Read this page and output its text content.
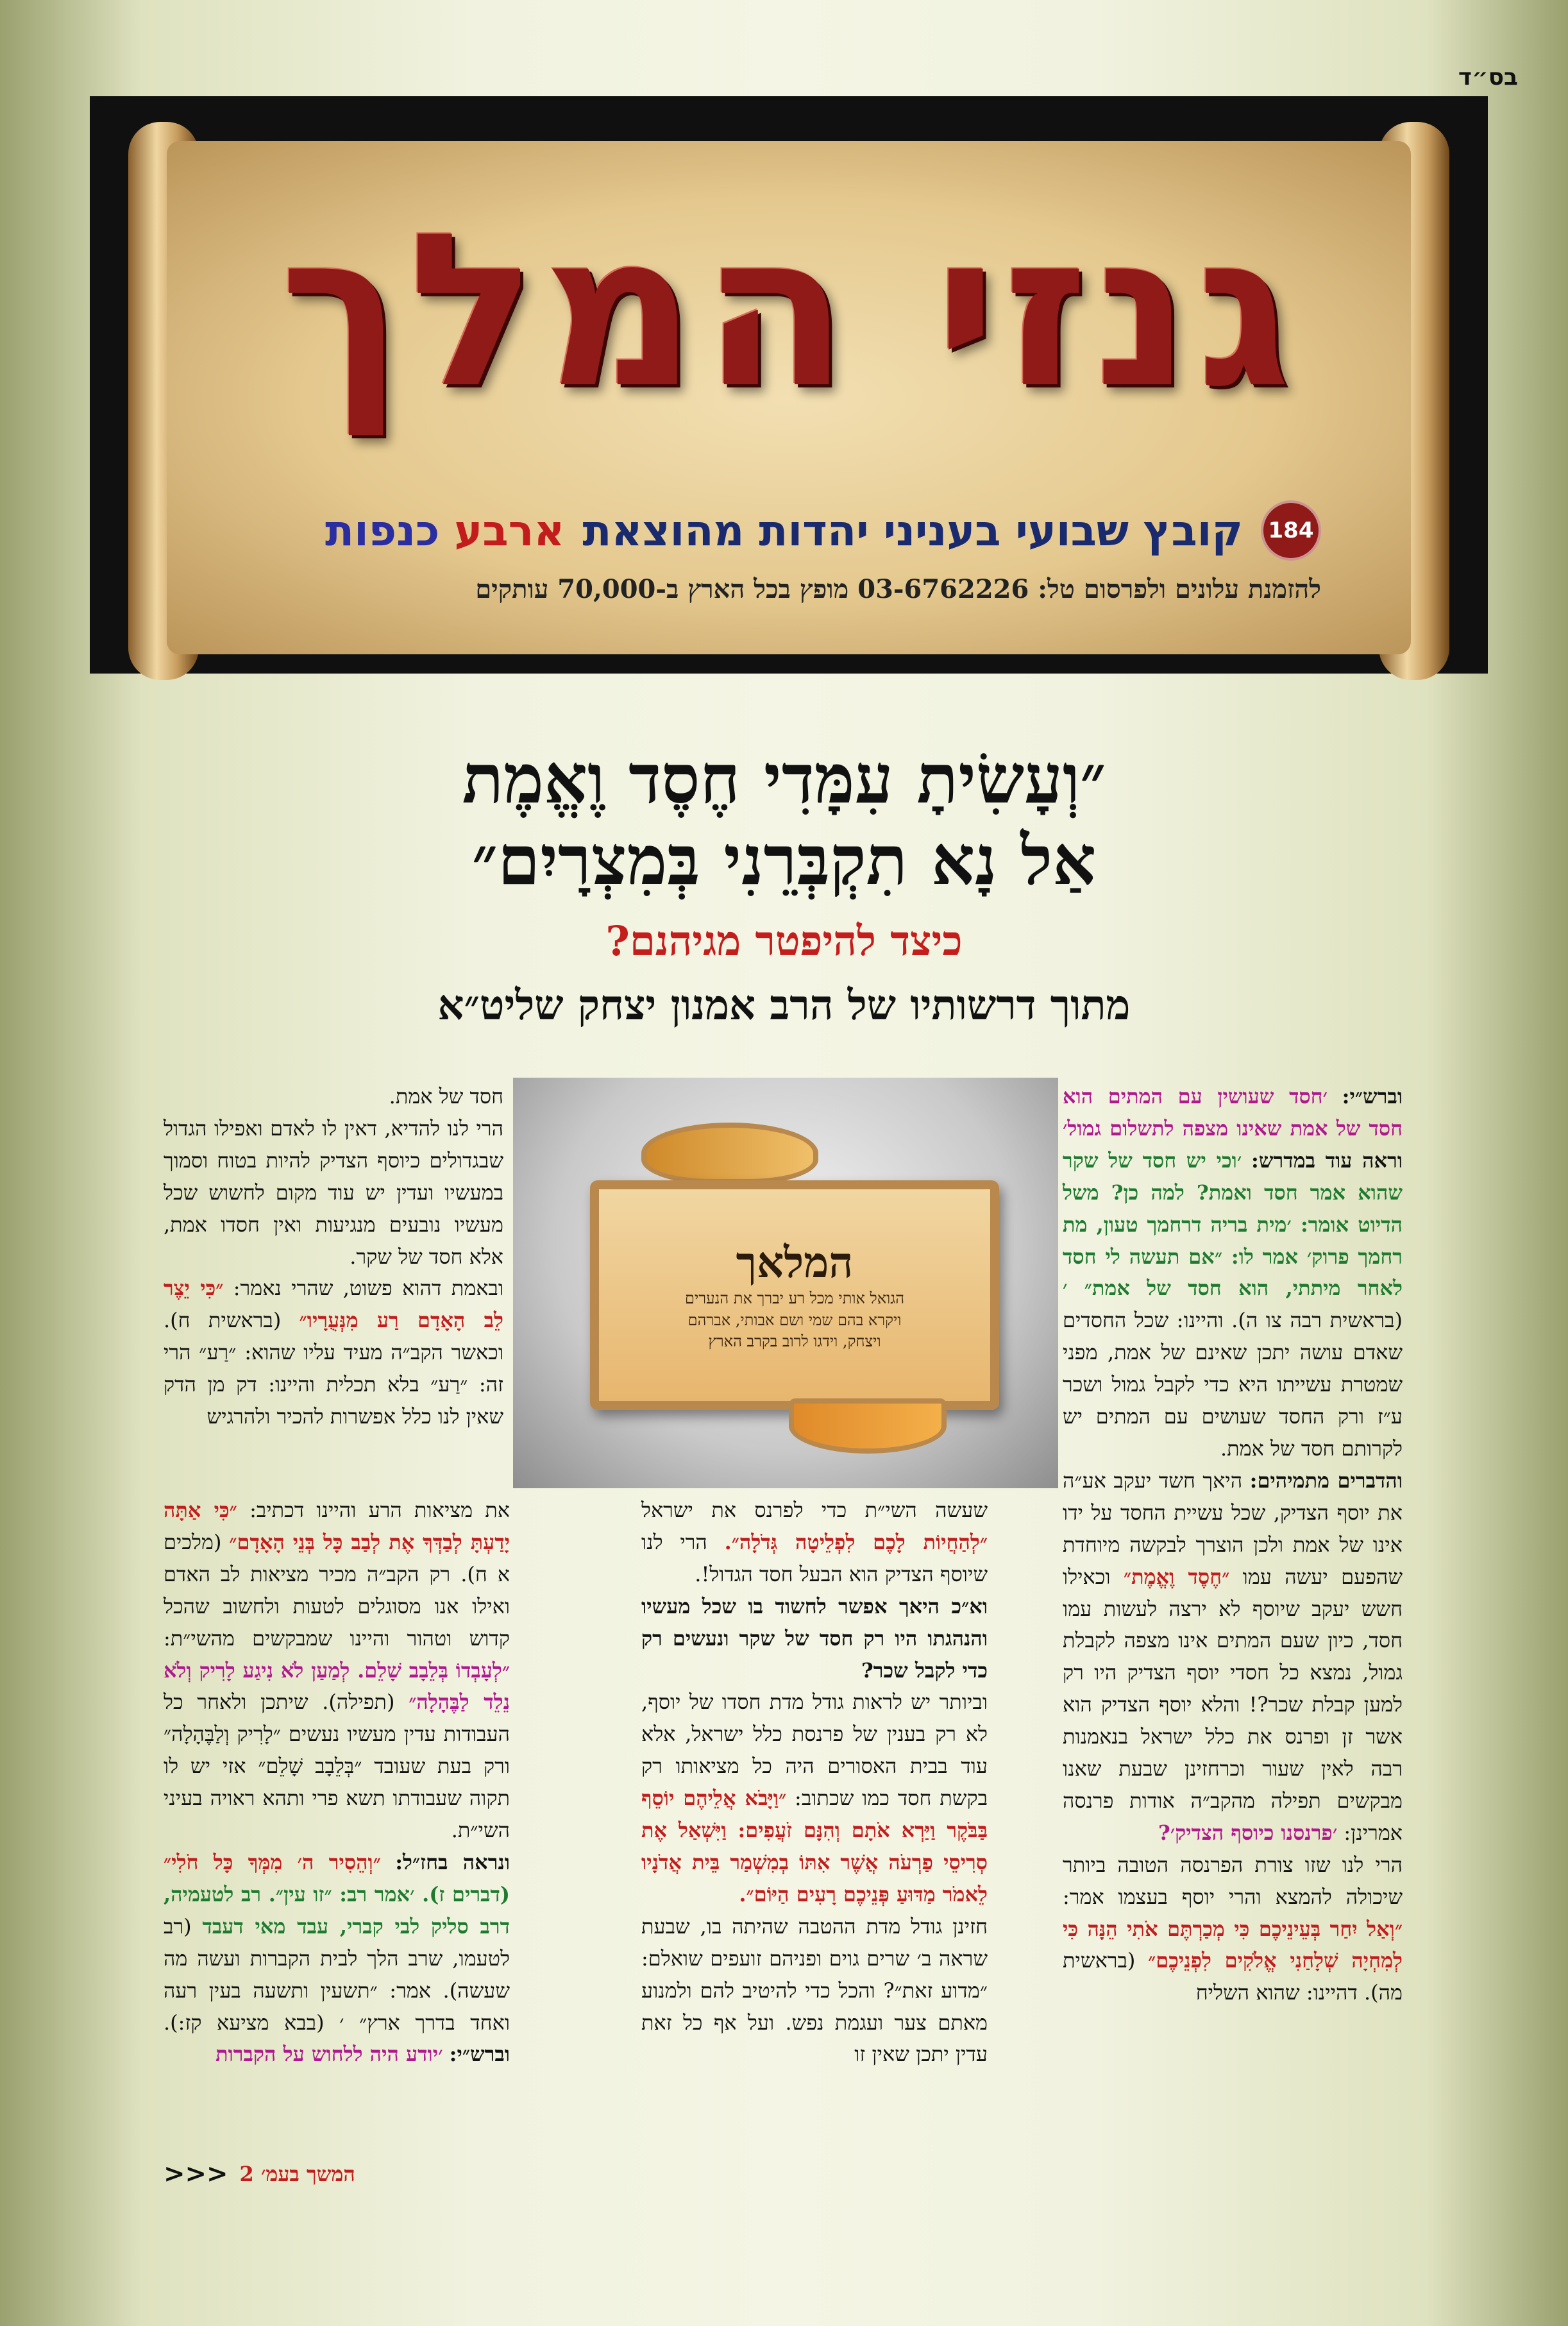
בס״ד
גנזי המלך
184
קובץ שבועי בעניני יהדות מהוצאת
ארבע כנפות
להזמנת עלונים ולפרסום טל: 03-6762226 מופץ בכל הארץ ב-70,000 עותקים
״וְעָשִׂיתָ עִמָּדִי חֶסֶד וֶאֱמֶת
אַל נָא תִקְבְּרֵנִי בְּמִצְרָיִם״
כיצד להיפטר מגיהנם?
מתוך דרשותיו של הרב אמנון יצחק שליט״א
המלאך
הגואל אותי מכל רע יברך את הנערים
ויקרא בהם שמי ושם אבותי, אברהם
ויצחק, וידגו לרוב בקרב הארץ

וברש״י: ׳חסד שעושין עם המתים הוא חסד של אמת שאינו מצפה לתשלום גמול׳ וראה עוד במדרש: ׳וכי יש חסד של שקר שהוא אמר חסד ואמת? למה כן? משל הדיוט אומר: ׳מית בריה דרחמך טעון, מת רחמך פרוק׳ אמר לו: ״אם תעשה לי חסד לאחר מיתתי, הוא חסד של אמת״ ׳ (בראשית רבה צו ה). והיינו: שכל החסדים שאדם עושה יתכן שאינם של אמת, מפני שמטרת עשייתו היא כדי לקבל גמול ושכר ע״ז ורק החסד שעושים עם המתים יש לקרותם חסד של אמת.

והדברים מתמיהים: היאך חשד יעקב אע״ה את יוסף הצדיק, שכל עשיית החסד על ידו אינו של אמת ולכן הוצרך לבקשה מיוחדת שהפעם יעשה עמו ״חֶסֶד וֶאֱמֶת״ וכאילו חשש יעקב שיוסף לא ירצה לעשות עמו חסד, כיון שעם המתים אינו מצפה לקבלת גמול, נמצא כל חסדי יוסף הצדיק היו רק למען קבלת שכר?! והלא יוסף הצדיק הוא אשר זן ופרנס את כלל ישראל בנאמנות רבה לאין שעור וכרחזינן שבעת שאנו מבקשים תפילה מהקב״ה אודות פרנסה אמרינן: ׳פרנסנו כיוסף הצדיק׳?

הרי לנו שזו צורת הפרנסה הטובה ביותר שיכולה להמצא והרי יוסף בעצמו אמר: ״וְאַל יִחַר בְּעֵינֵיכֶם כִּי מְכַרְתֶּם אֹתִי הֵנָּה כִּי לְמִחְיָה שְׁלָחַנִי אֱלֹקִים לִפְנֵיכֶם״ (בראשית מה). דהיינו: שהוא השליח

שעשה השי״ת כדי לפרנס את ישראל ״לְהַחֲיוֹת לָכֶם לִפְלֵיטָה גְּדֹלָה״. הרי לנו שיוסף הצדיק הוא הבעל חסד הגדול!.

וא״כ היאך אפשר לחשוד בו שכל מעשיו והנהגתו היו רק חסד של שקר ונעשים רק כדי לקבל שכר?

וביותר יש לראות גודל מדת חסדו של יוסף, לא רק בענין של פרנסת כלל ישראל, אלא עוד בבית האסורים היה כל מציאותו רק בקשת חסד כמו שכתוב: ״וַיָּבֹא אֲלֵיהֶם יוֹסֵף בַּבֹּקֶר וַיַּרְא אֹתָם וְהִנָּם זֹעֲפִים: וַיִּשְׁאַל אֶת סְרִיסֵי פַרְעֹה אֲשֶׁר אִתּוֹ בְמִשְׁמַר בֵּית אֲדֹנָיו לֵאמֹר מַדּוּעַ פְּנֵיכֶם רָעִים הַיּוֹם״.

חזינן גודל מדת ההטבה שהיתה בו, שבעת שראה ב׳ שרים גוים ופניהם זועפים שואלם: ״מדוע זאת״? והכל כדי להיטיב להם ולמנוע מאתם צער ועגמת נפש. ועל אף כל זאת עדין יתכן שאין זו

חסד של אמת.

הרי לנו להדיא, דאין לו לאדם ואפילו הגדול שבגדולים כיוסף הצדיק להיות בטוח וסמוך במעשיו ועדין יש עוד מקום לחשוש שכל מעשיו נובעים מנגיעות ואין חסדו אמת, אלא חסד של שקר.

ובאמת דהוא פשוט, שהרי נאמר: ״כִּי יֵצֶר לֵב הָאָדָם רַע מִנְּעֻרָיו״ (בראשית ח). וכאשר הקב״ה מעיד עליו שהוא: ״רַע״ הרי זה: ״רַע״ בלא תכלית והיינו: דק מן הדק שאין לנו כלל אפשרות להכיר ולהרגיש

את מציאות הרע והיינו דכתיב: ״כִּי אַתָּה יָדַעְתָּ לְבַדְּךָ אֶת לְבַב כָּל בְּנֵי הָאָדָם״ (מלכים א ח). רק הקב״ה מכיר מציאות לב האדם ואילו אנו מסוגלים לטעות ולחשוב שהכל קדוש וטהור והיינו שמבקשים מהשי״ת: ״לְעָבְדוֹ בְּלֵבָב שָׁלֵם. לְמַעַן לֹא נִיגַע לָרִיק וְלֹא נֵלֵד לַבֶּהָלָה״ (תפילה). שיתכן ולאחר כל העבודות עדין מעשיו נעשים ״לָרִיק וְלַבֶּהָלָה״ ורק בעת שעובד ״בְּלֵבָב שָׁלֵם״ אזי יש לו תקוה שעבודתו תשא פרי ותהא ראויה בעיני השי״ת.

ונראה בחז״ל: ״וְהֵסִיר ה׳ מִמְּךָ כָּל חֹלִי״ (דברים ז). ׳אמר רב: ״זו עין״. רב לטעמיה, דרב סליק לבי קברי, עבד מאי דעבד (רב לטעמו, שרב הלך לבית הקברות ועשה מה שעשה). אמר: ״תשעין ותשעה בעין רעה ואחד בדרך ארץ״ ׳ (בבא מציעא קז:). וברש״י: ׳יודע היה ללחוש על הקברות

המשך בעמ׳ 2
<<<
